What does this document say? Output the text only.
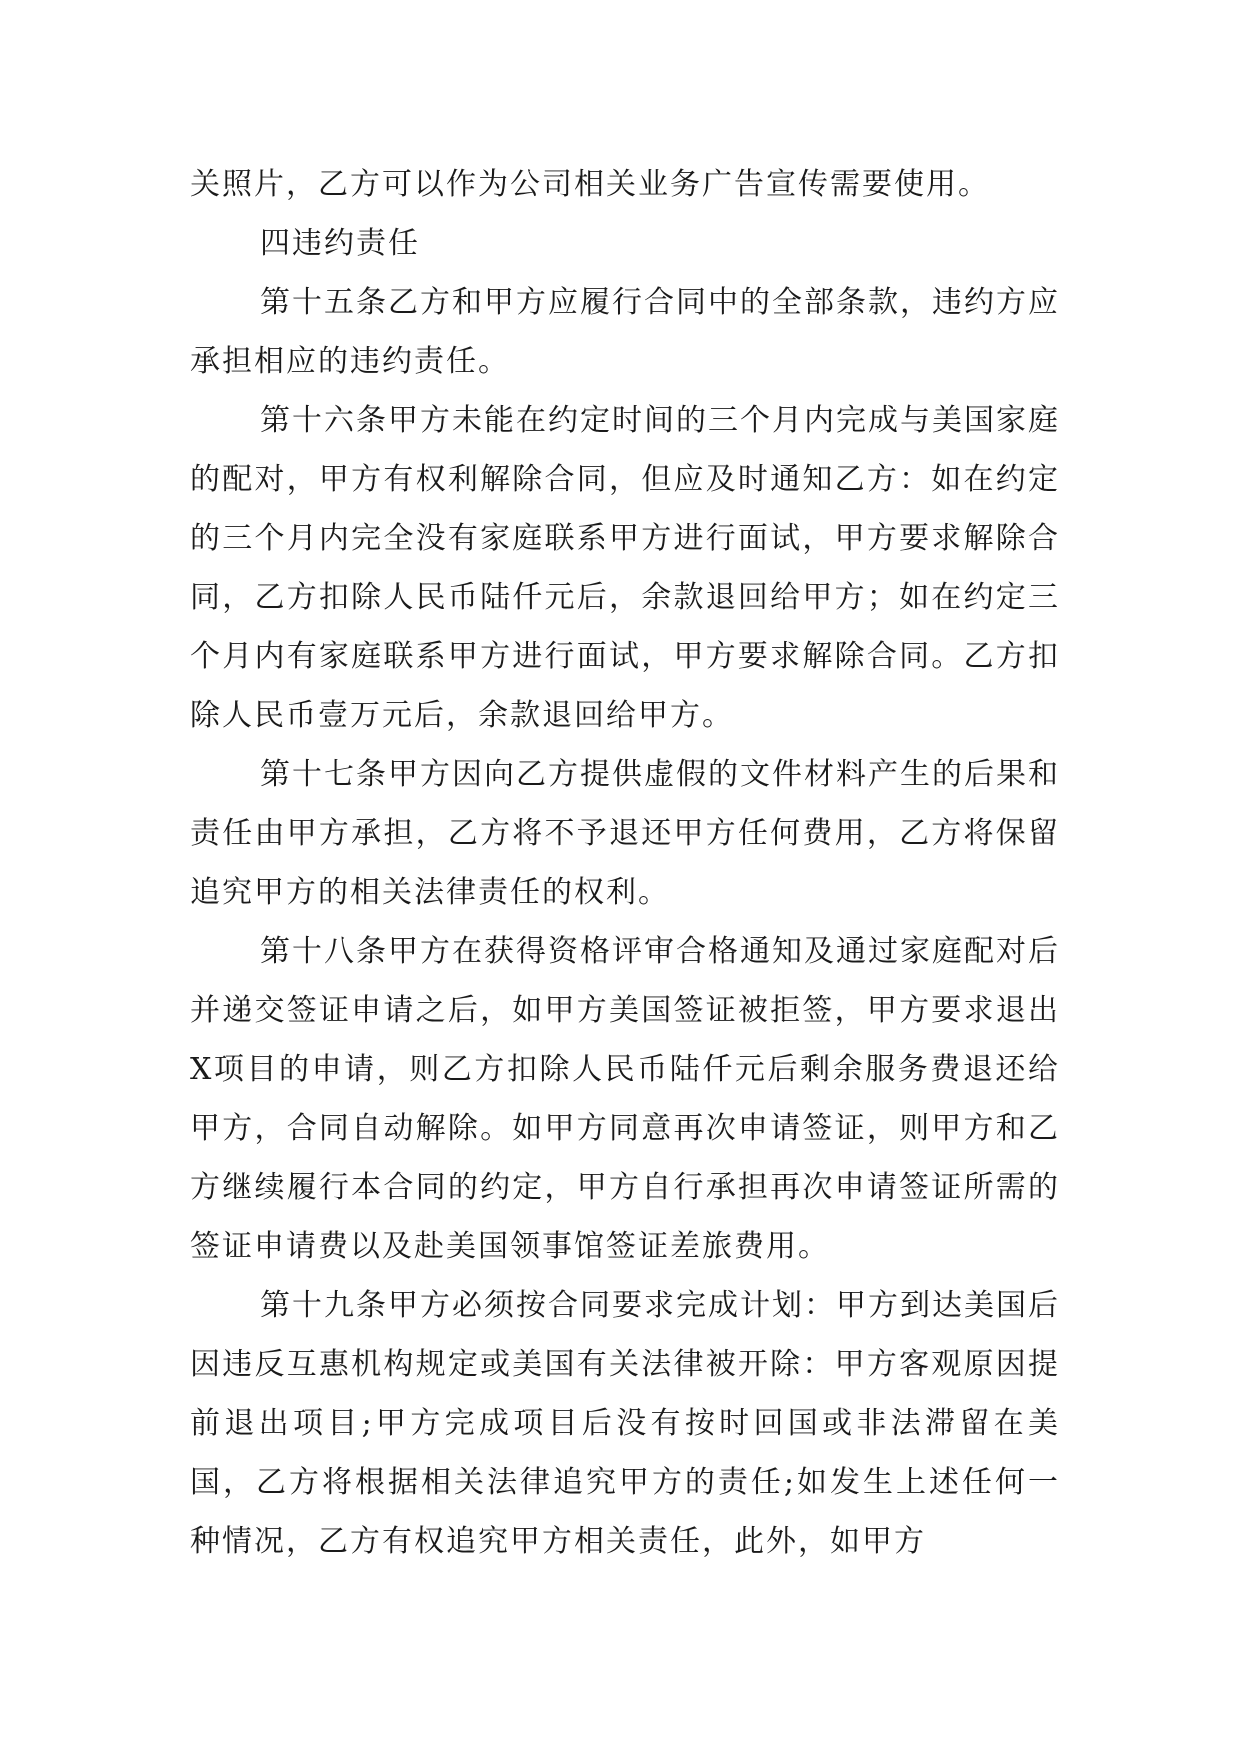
关照片，乙方可以作为公司相关业务广告宣传需要使用。

四违约责任

第十五条乙方和甲方应履行合同中的全部条款，违约方应承担相应的违约责任。

第十六条甲方未能在约定时间的三个月内完成与美国家庭的配对，甲方有权利解除合同，但应及时通知乙方：如在约定的三个月内完全没有家庭联系甲方进行面试，甲方要求解除合同，乙方扣除人民币陆仟元后，余款退回给甲方；如在约定三个月内有家庭联系甲方进行面试，甲方要求解除合同。乙方扣除人民币壹万元后，余款退回给甲方。

第十七条甲方因向乙方提供虚假的文件材料产生的后果和责任由甲方承担，乙方将不予退还甲方任何费用，乙方将保留追究甲方的相关法律责任的权利。

第十八条甲方在获得资格评审合格通知及通过家庭配对后并递交签证申请之后，如甲方美国签证被拒签，甲方要求退出X项目的申请，则乙方扣除人民币陆仟元后剩余服务费退还给甲方，合同自动解除。如甲方同意再次申请签证，则甲方和乙方继续履行本合同的约定，甲方自行承担再次申请签证所需的签证申请费以及赴美国领事馆签证差旅费用。

第十九条甲方必须按合同要求完成计划：甲方到达美国后因违反互惠机构规定或美国有关法律被开除：甲方客观原因提前退出项目;甲方完成项目后没有按时回国或非法滞留在美国，乙方将根据相关法律追究甲方的责任;如发生上述任何一种情况，乙方有权追究甲方相关责任，此外，如甲方
